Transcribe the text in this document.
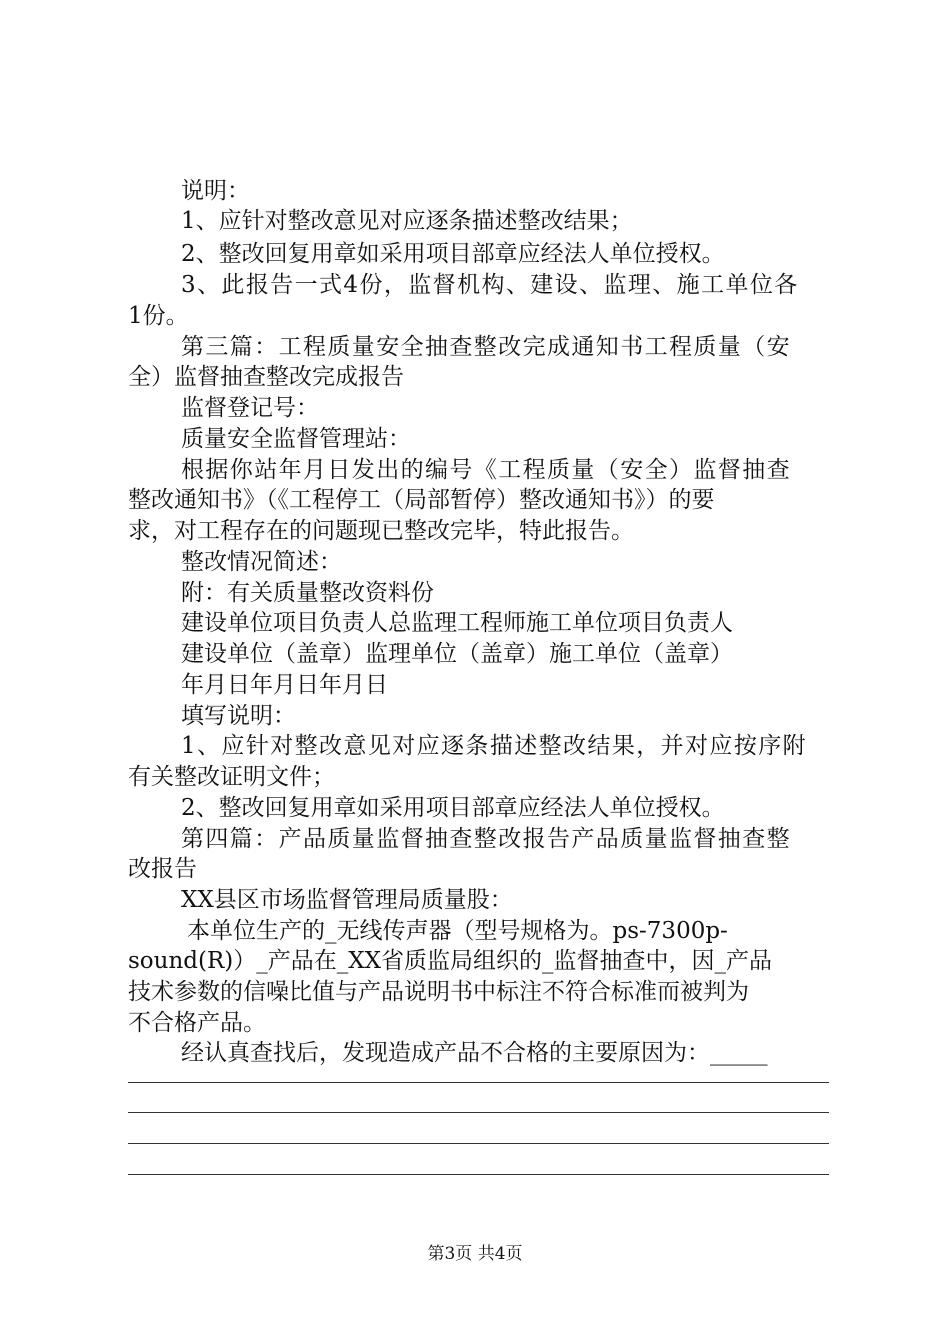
说明：
1、应针对整改意见对应逐条描述整改结果；
2、整改回复用章如采用项目部章应经法人单位授权。
3、此报告一式4份，监督机构、建设、监理、施工单位各
1份。
第三篇：工程质量安全抽查整改完成通知书工程质量（安
全）监督抽查整改完成报告
监督登记号：
质量安全监督管理站：
根据你站年月日发出的编号《工程质量（安全）监督抽查
整改通知书》（《工程停工（局部暂停）整改通知书》）的要
求，对工程存在的问题现已整改完毕，特此报告。
整改情况简述：
附：有关质量整改资料份
建设单位项目负责人总监理工程师施工单位项目负责人
建设单位（盖章）监理单位（盖章）施工单位（盖章）
年月日年月日年月日
填写说明：
1、应针对整改意见对应逐条描述整改结果，并对应按序附
有关整改证明文件；
2、整改回复用章如采用项目部章应经法人单位授权。
第四篇：产品质量监督抽查整改报告产品质量监督抽查整
改报告
XX县区市场监督管理局质量股：
本单位生产的_无线传声器（型号规格为。ps-7300p-
sound(R)）_产品在_XX省质监局组织的_监督抽查中，因_产品
技术参数的信噪比值与产品说明书中标注不符合标准而被判为
不合格产品。
经认真查找后，发现造成产品不合格的主要原因为：_____
第3页 共4页
